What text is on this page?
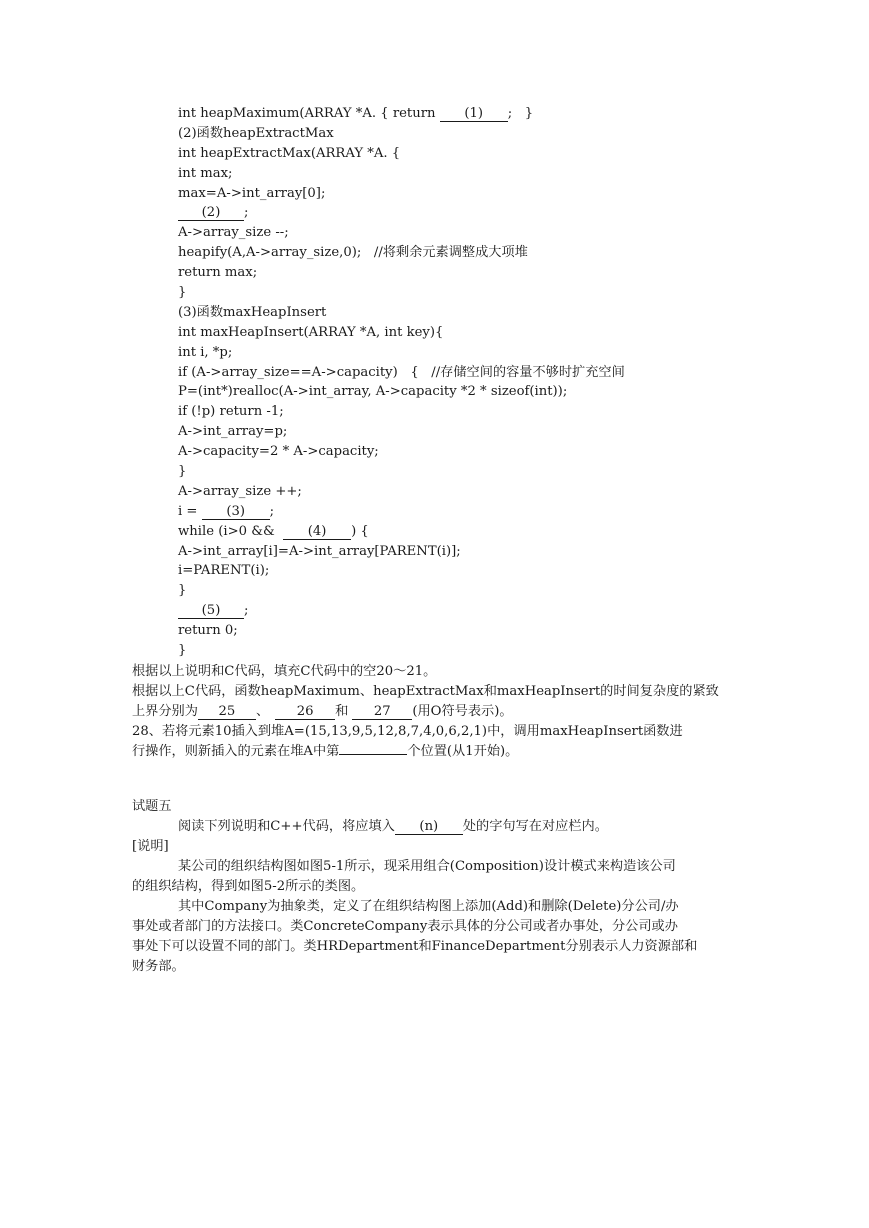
int heapMaximum(ARRAY *A. { return (1) ;   }
(2)函数heapExtractMax
int heapExtractMax(ARRAY *A. {
int max;
max=A->int_array[0];
(2) ;
A->array_size --;
heapify(A,A->array_size,0);   //将剩余元素调整成大项堆
return max;
}
(3)函数maxHeapInsert
int maxHeapInsert(ARRAY *A, int key){
int i, *p;
if (A->array_size==A->capacity)   {   //存储空间的容量不够时扩充空间
P=(int*)realloc(A->int_array, A->capacity *2 * sizeof(int));
if (!p) return -1;
A->int_array=p;
A->capacity=2 * A->capacity;
}
A->array_size ++;
i = (3) ;
while (i>0 &&  (4) ) {
A->int_array[i]=A->int_array[PARENT(i)];
i=PARENT(i);
}
(5) ;
return 0;
}
根据以上说明和C代码，填充C代码中的空20～21。
根据以上C代码，函数heapMaximum、heapExtractMax和maxHeapInsert的时间复杂度的紧致
上界分别为 25 、 26 和 27 (用O符号表示)。
28、若将元素10插入到堆A=(15,13,9,5,12,8,7,4,0,6,2,1)中，调用maxHeapInsert函数进
行操作，则新插入的元素在堆A中第	个位置(从1开始)。
试题五
阅读下列说明和C++代码，将应填入 (n) 处的字句写在对应栏内。
[说明]
某公司的组织结构图如图5-1所示，现采用组合(Composition)设计模式来构造该公司
的组织结构，得到如图5-2所示的类图。
其中Company为抽象类，定义了在组织结构图上添加(Add)和删除(Delete)分公司/办
事处或者部门的方法接口。类ConcreteCompany表示具体的分公司或者办事处，分公司或办
事处下可以设置不同的部门。类HRDepartment和FinanceDepartment分别表示人力资源部和
财务部。
